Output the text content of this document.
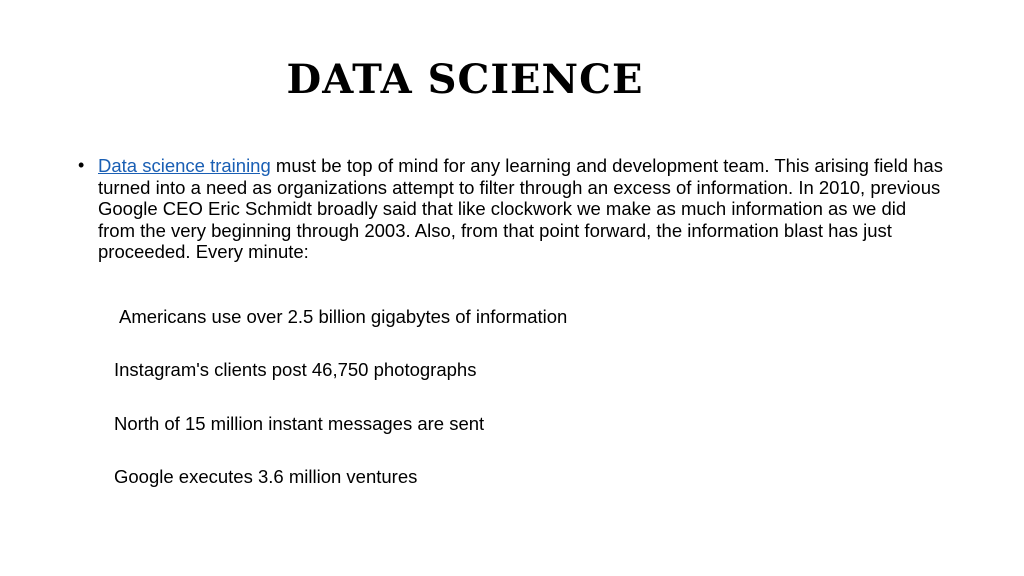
DATA SCIENCE
• Data science training must be top of mind for any learning and development team. This arising field has turned into a need as organizations attempt to filter through an excess of information. In 2010, previous Google CEO Eric Schmidt broadly said that like clockwork we make as much information as we did from the very beginning through 2003. Also, from that point forward, the information blast has just proceeded. Every minute:

Americans use over 2.5 billion gigabytes of information
Instagram's clients post 46,750 photographs
North of 15 million instant messages are sent
Google executes 3.6 million ventures
